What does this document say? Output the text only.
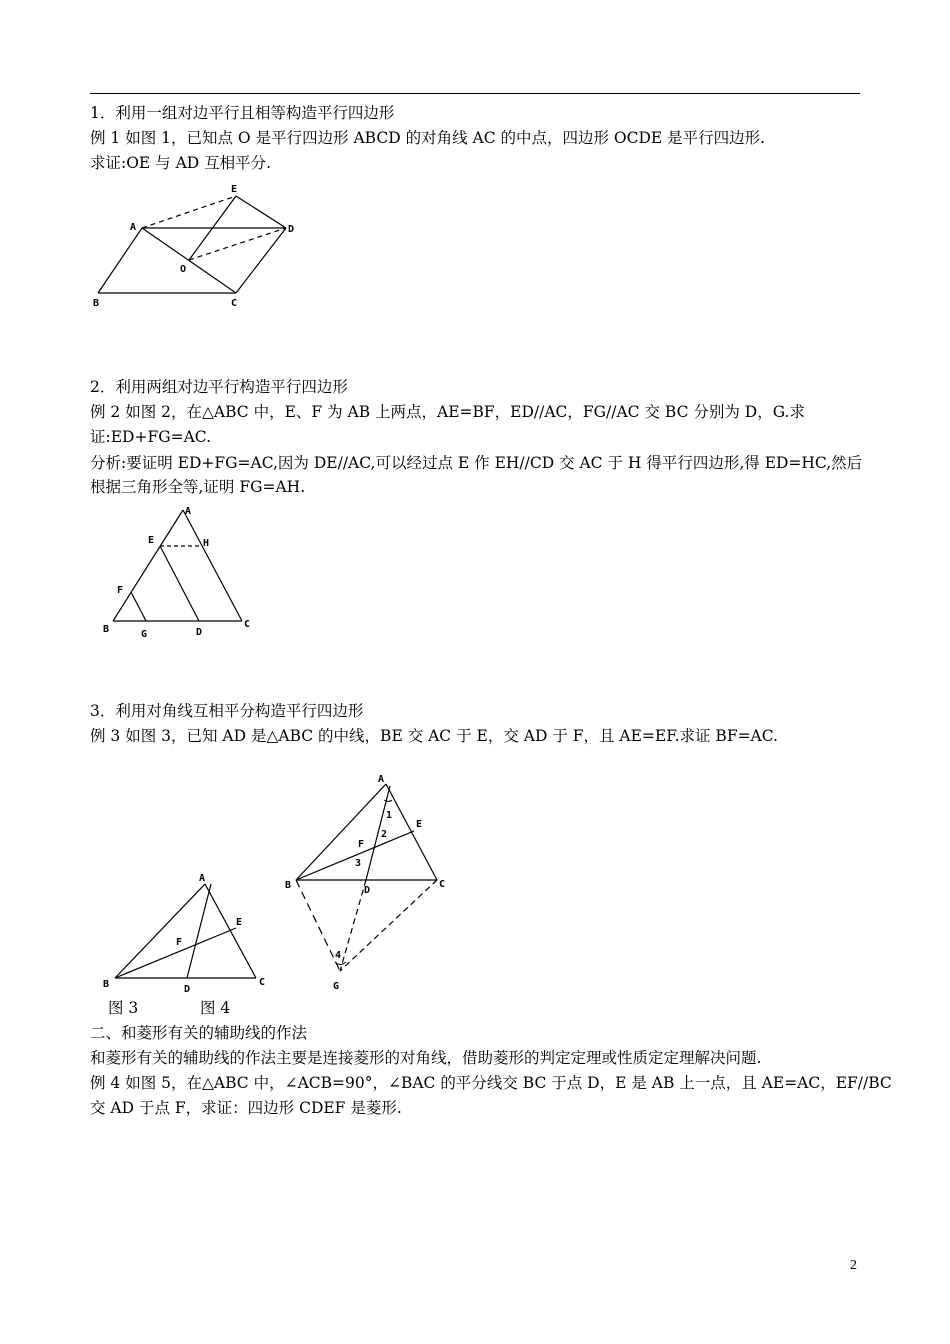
1．利用一组对边平行且相等构造平行四边形
例 1 如图 1，已知点 O 是平行四边形 ABCD 的对角线 AC 的中点，四边形 OCDE 是平行四边形.
求证:OE 与 AD 互相平分.
A
B	C
D
E
O
2．利用两组对边平行构造平行四边形
例 2 如图 2，在△ABC 中，E、F 为 AB 上两点，AE=BF，ED//AC，FG//AC 交 BC 分别为 D，G.求
证:ED+FG=AC.
分析:要证明 ED+FG=AC,因为 DE//AC,可以经过点 E 作 EH//CD 交 AC 于 H 得平行四边形,得 ED=HC,然后
根据三角形全等,证明 FG=AH.
A
B	C
D
E
F
G
H
3．利用对角线互相平分构造平行四边形
例 3 如图 3，已知 AD 是△ABC 的中线，BE 交 AC 于 E，交 AD 于 F，且 AE=EF.求证 BF=AC.
A
B	C
D
E
F
A
B	C
D
E
F
G
1
2
3
4
图 3	图 4
二、和菱形有关的辅助线的作法
和菱形有关的辅助线的作法主要是连接菱形的对角线，借助菱形的判定定理或性质定定理解决问题.
例 4 如图 5，在△ABC 中，∠ACB=90°，∠BAC 的平分线交 BC 于点 D，E 是 AB 上一点，且 AE=AC，EF//BC
交 AD 于点 F，求证：四边形 CDEF 是菱形.
2
